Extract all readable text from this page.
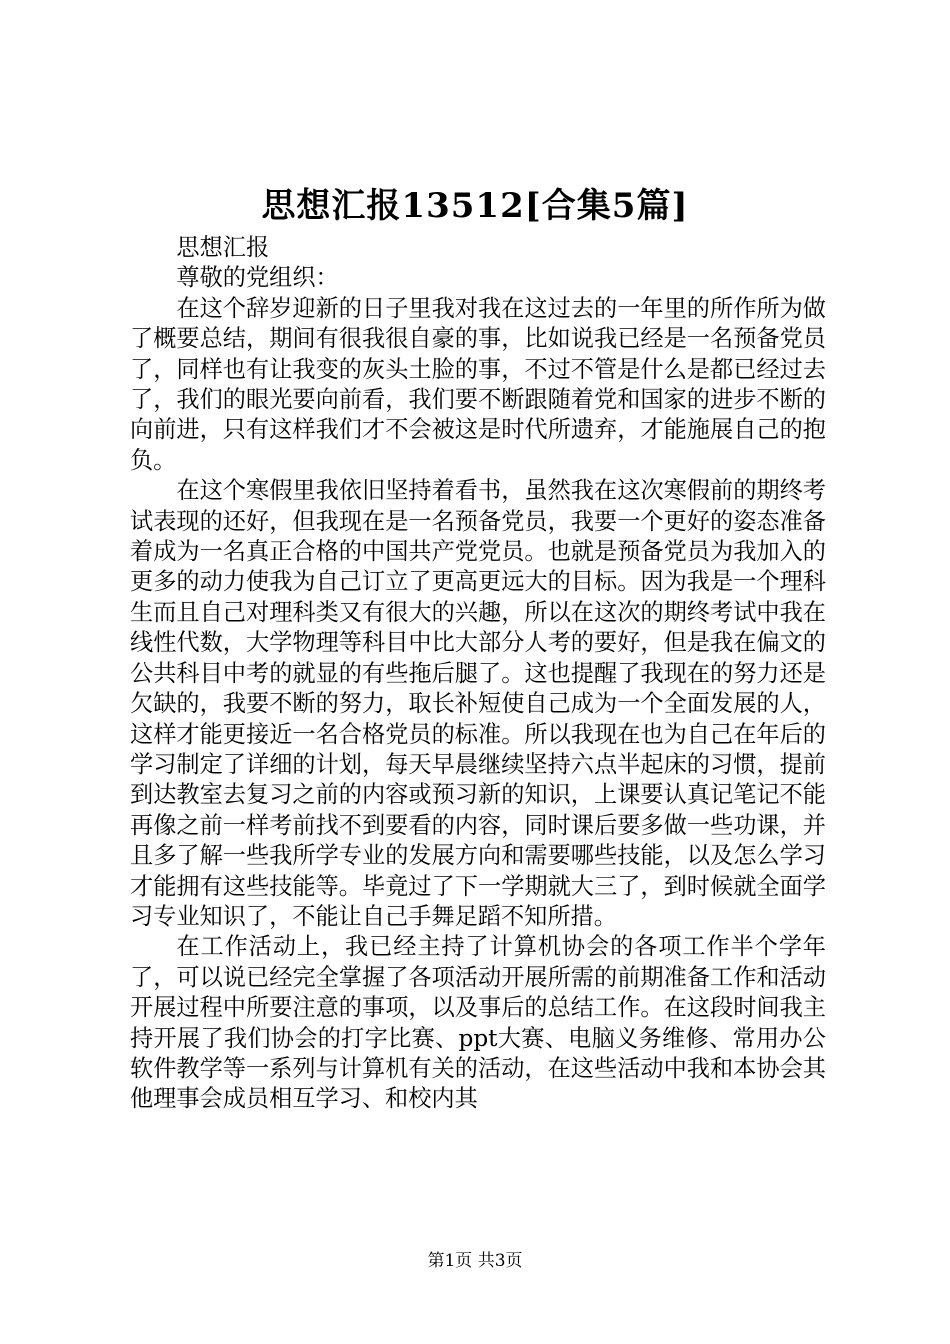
思想汇报13512[合集5篇]

思想汇报

尊敬的党组织：

在这个辞岁迎新的日子里我对我在这过去的一年里的所作所为做了概要总结，期间有很我很自豪的事，比如说我已经是一名预备党员了，同样也有让我变的灰头土脸的事，不过不管是什么是都已经过去了，我们的眼光要向前看，我们要不断跟随着党和国家的进步不断的向前进，只有这样我们才不会被这是时代所遗弃，才能施展自己的抱负。

在这个寒假里我依旧坚持着看书，虽然我在这次寒假前的期终考试表现的还好，但我现在是一名预备党员，我要一个更好的姿态准备着成为一名真正合格的中国共产党党员。也就是预备党员为我加入的更多的动力使我为自己订立了更高更远大的目标。因为我是一个理科生而且自己对理科类又有很大的兴趣，所以在这次的期终考试中我在线性代数，大学物理等科目中比大部分人考的要好，但是我在偏文的公共科目中考的就显的有些拖后腿了。这也提醒了我现在的努力还是欠缺的，我要不断的努力，取长补短使自己成为一个全面发展的人，这样才能更接近一名合格党员的标准。所以我现在也为自己在年后的学习制定了详细的计划，每天早晨继续坚持六点半起床的习惯，提前到达教室去复习之前的内容或预习新的知识，上课要认真记笔记不能再像之前一样考前找不到要看的内容，同时课后要多做一些功课，并且多了解一些我所学专业的发展方向和需要哪些技能，以及怎么学习才能拥有这些技能等。毕竟过了下一学期就大三了，到时候就全面学习专业知识了，不能让自己手舞足蹈不知所措。

在工作活动上，我已经主持了计算机协会的各项工作半个学年了，可以说已经完全掌握了各项活动开展所需的前期准备工作和活动开展过程中所要注意的事项，以及事后的总结工作。在这段时间我主持开展了我们协会的打字比赛、ppt大赛、电脑义务维修、常用办公软件教学等一系列与计算机有关的活动，在这些活动中我和本协会其他理事会成员相互学习、和校内其

第1页 共3页
